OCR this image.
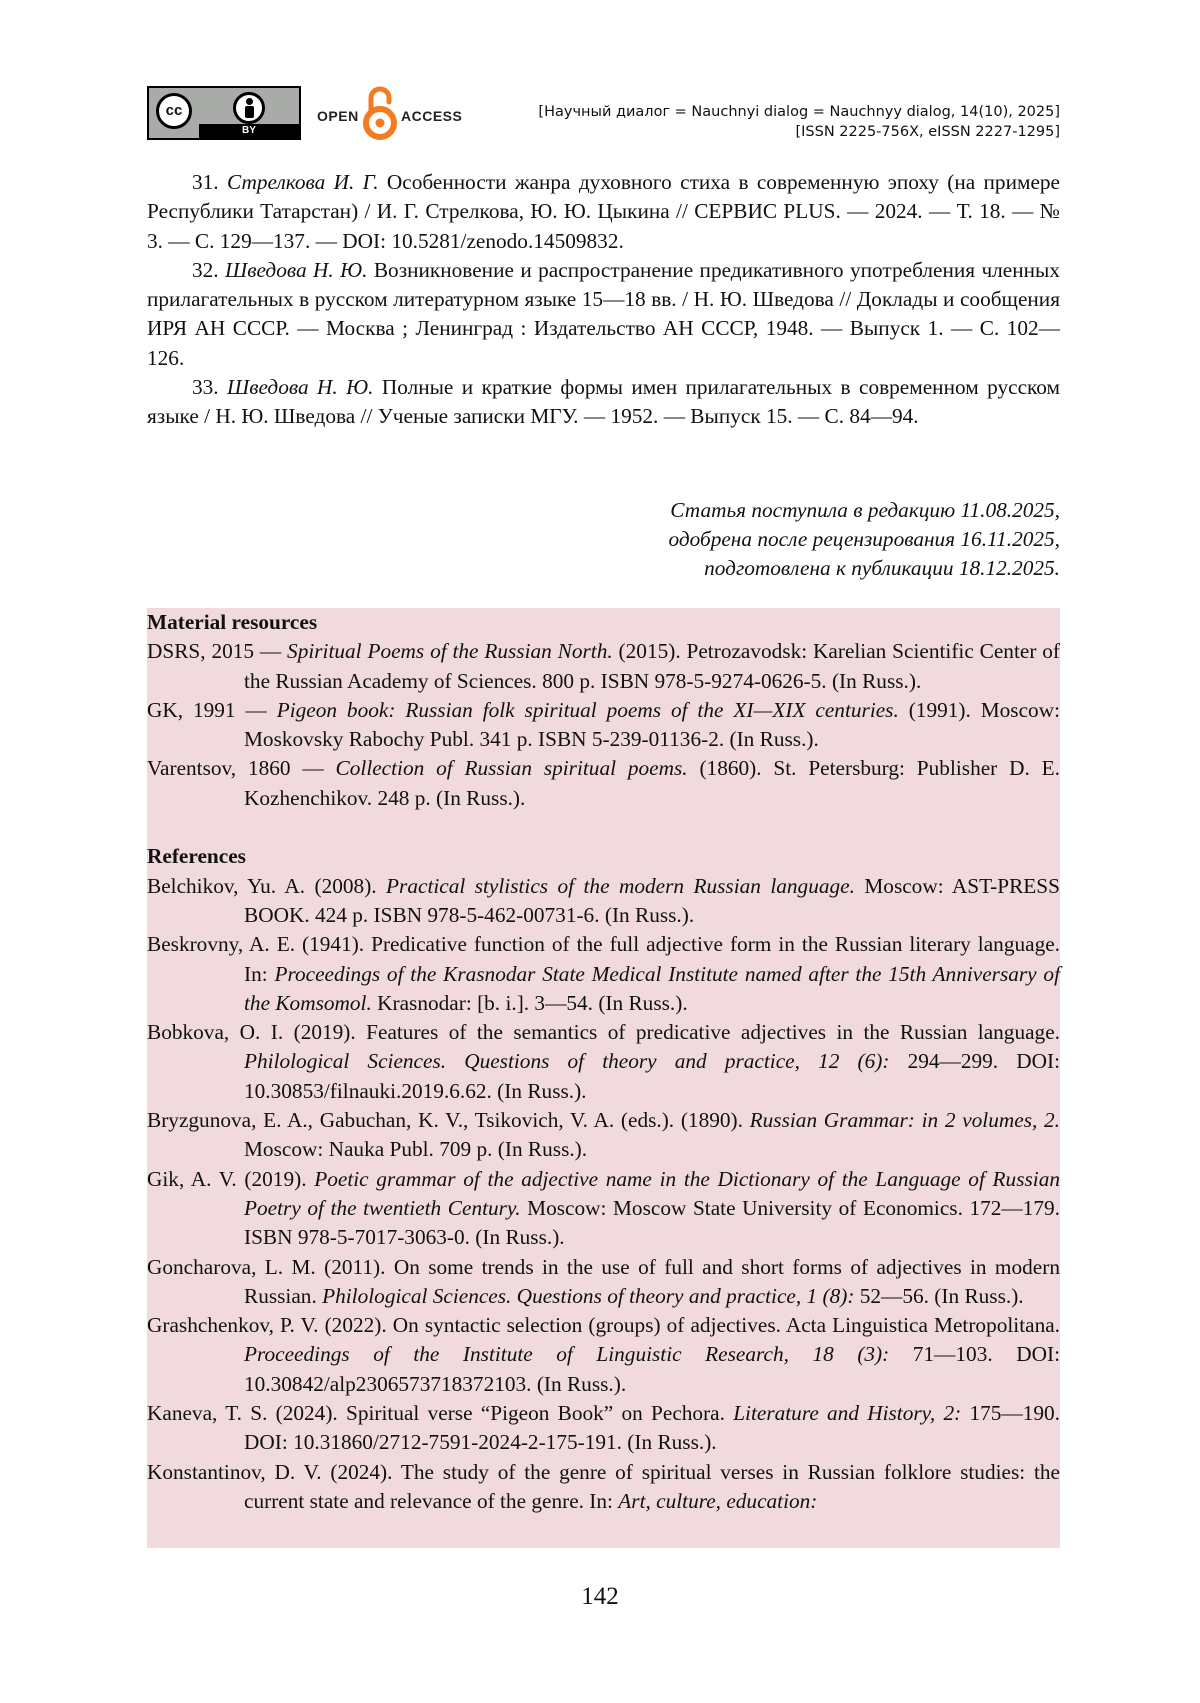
cc
BY
OPEN	ACCESS	[Научный диалог = Nauchnyi dialog = Nauchnyy dialog, 14(10), 2025]
[ISSN 2225-756X, eISSN 2227-1295]

31. Стрелкова И. Г. Особенности жанра духовного стиха в современную эпоху (на примере Республики Татарстан) / И. Г. Стрелкова, Ю. Ю. Цыкина // СЕРВИС PLUS. — 2024. — Т. 18. — № 3. — С. 129—137. — DOI: 10.5281/zenodo.14509832.

32. Шведова Н. Ю. Возникновение и распространение предикативного употребления членных прилагательных в русском литературном языке 15—18 вв. / Н. Ю. Шведова // Доклады и сообщения ИРЯ АН СССР. — Москва ; Ленинград : Издательство АН СССР, 1948. — Выпуск 1. — С. 102—126.

33. Шведова Н. Ю. Полные и краткие формы имен прилагательных в современном русском языке / Н. Ю. Шведова // Ученые записки МГУ. — 1952. — Выпуск 15. — С. 84—94.

Статья поступила в редакцию 11.08.2025,
одобрена после рецензирования 16.11.2025,
подготовлена к публикации 18.12.2025.
Material resources

DSRS, 2015 — Spiritual Poems of the Russian North. (2015). Petrozavodsk: Karelian Scientific Center of the Russian Academy of Sciences. 800 p. ISBN 978-5-9274-0626-5. (In Russ.).

GK, 1991 — Pigeon book: Russian folk spiritual poems of the XI—XIX centuries. (1991). Moscow: Moskovsky Rabochy Publ. 341 p. ISBN 5-239-01136-2. (In Russ.).

Varentsov, 1860 — Collection of Russian spiritual poems. (1860). St. Petersburg: Publisher D. E. Kozhenchikov. 248 p. (In Russ.).

References

Belchikov, Yu. A. (2008). Practical stylistics of the modern Russian language. Moscow: AST-PRESS BOOK. 424 p. ISBN 978-5-462-00731-6. (In Russ.).

Beskrovny, A. E. (1941). Predicative function of the full adjective form in the Russian literary language. In: Proceedings of the Krasnodar State Medical Institute named after the 15th Anniversary of the Komsomol. Krasnodar: [b. i.]. 3—54. (In Russ.).

Bobkova, O. I. (2019). Features of the semantics of predicative adjectives in the Russian language. Philological Sciences. Questions of theory and practice, 12 (6): 294—299. DOI: 10.30853/filnauki.2019.6.62. (In Russ.).

Bryzgunova, E. A., Gabuchan, K. V., Tsikovich, V. A. (eds.). (1890). Russian Grammar: in 2 volumes, 2. Moscow: Nauka Publ. 709 p. (In Russ.).

Gik, A. V. (2019). Poetic grammar of the adjective name in the Dictionary of the Language of Russian Poetry of the twentieth Century. Moscow: Moscow State University of Economics. 172—179. ISBN 978-5-7017-3063-0. (In Russ.).

Goncharova, L. M. (2011). On some trends in the use of full and short forms of adjectives in modern Russian. Philological Sciences. Questions of theory and practice, 1 (8): 52—56. (In Russ.).

Grashchenkov, P. V. (2022). On syntactic selection (groups) of adjectives. Acta Linguistica Metropolitana. Proceedings of the Institute of Linguistic Research, 18 (3): 71—103. DOI: 10.30842/alp2306573718372103. (In Russ.).

Kaneva, T. S. (2024). Spiritual verse “Pigeon Book” on Pechora. Literature and History, 2: 175—190. DOI: 10.31860/2712-7591-2024-2-175-191. (In Russ.).

Konstantinov, D. V. (2024). The study of the genre of spiritual verses in Russian folklore studies: the current state and relevance of the genre. In: Art, culture, education:

142
